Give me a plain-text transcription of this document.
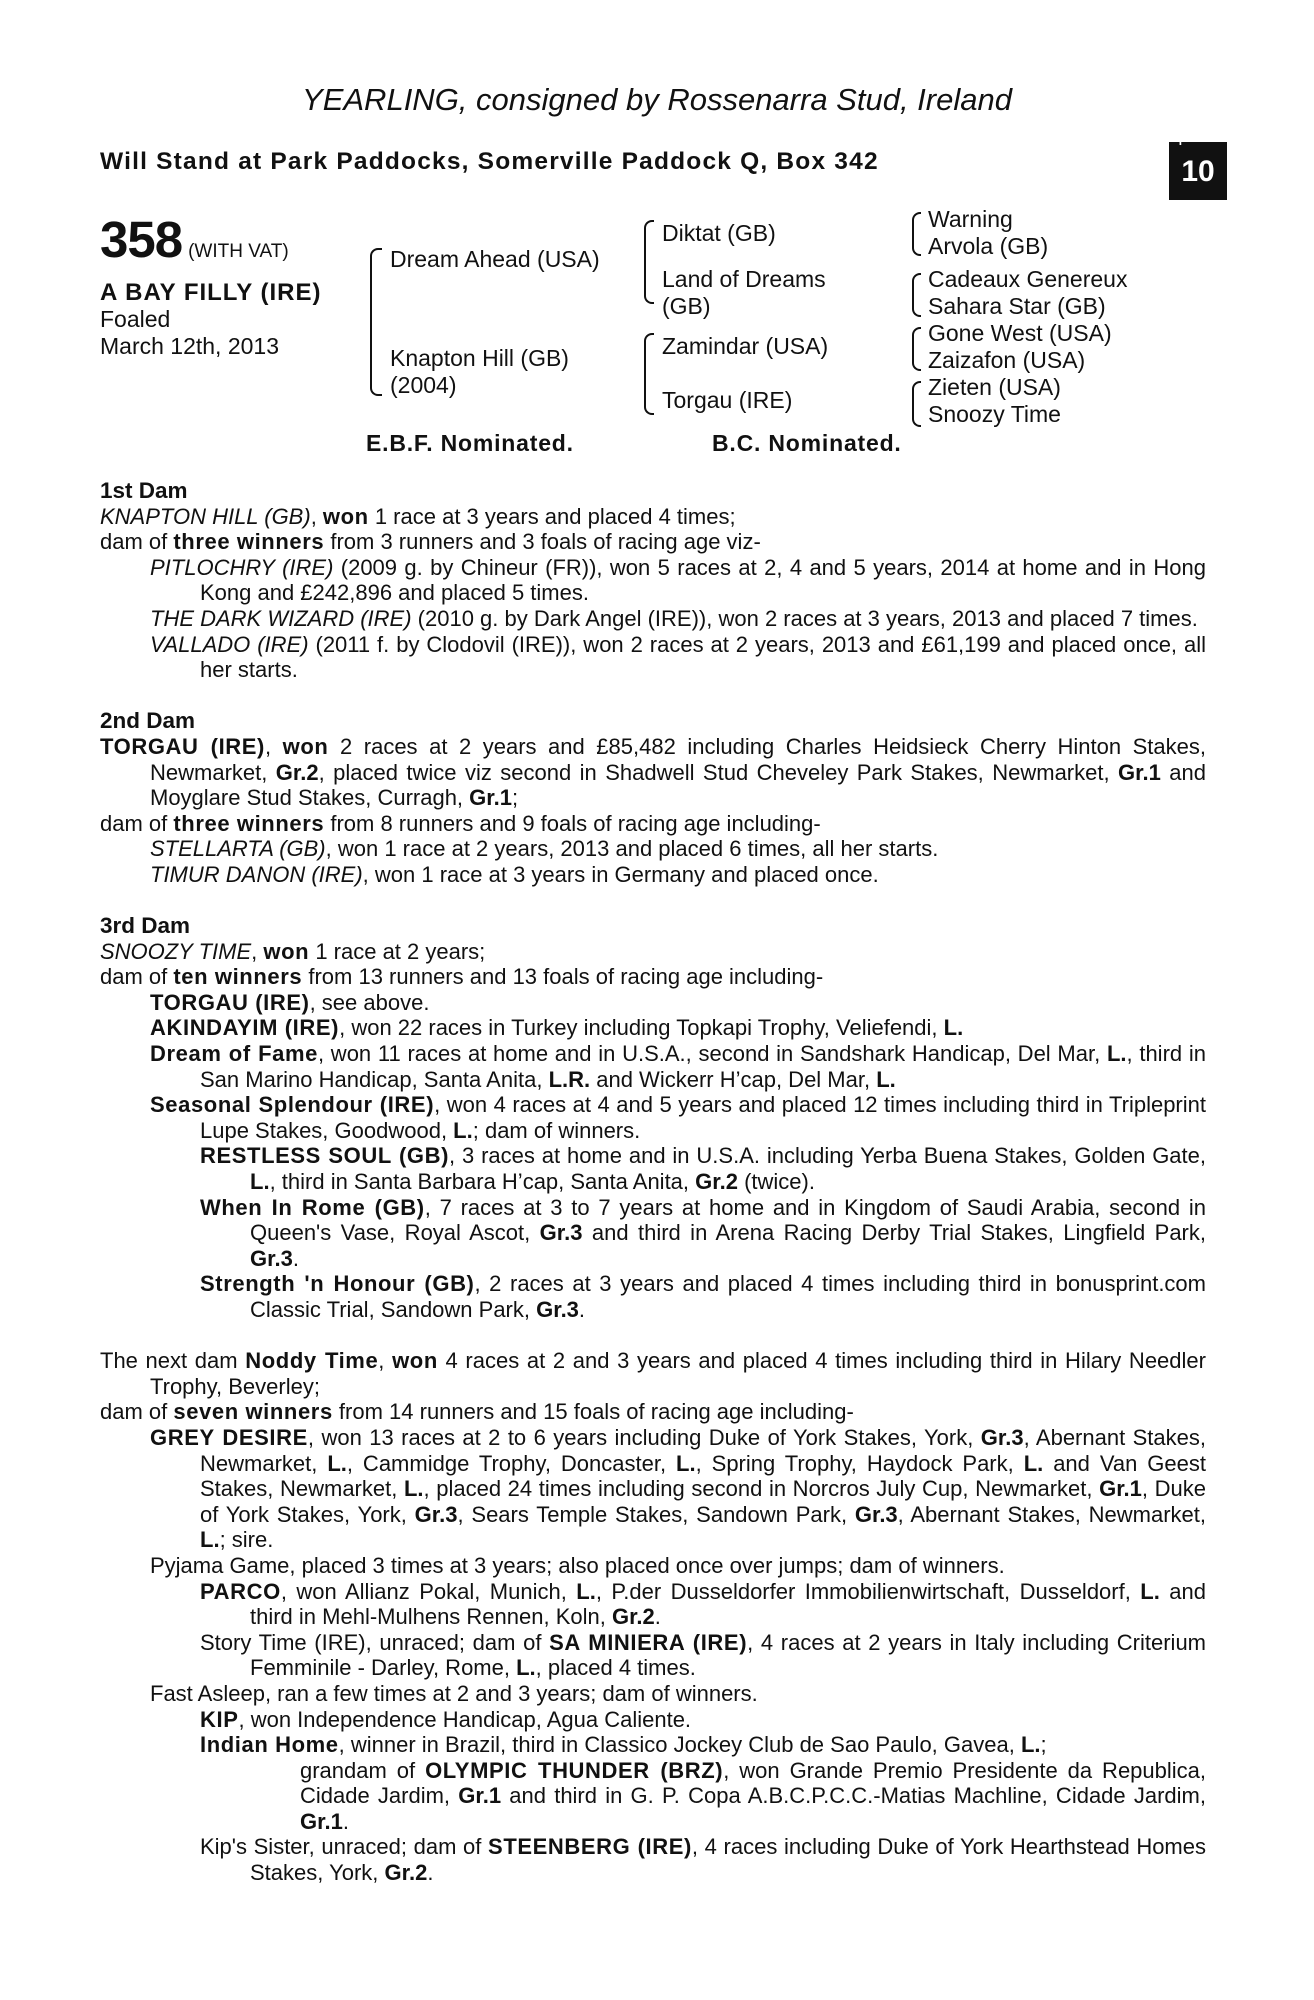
YEARLING, consigned by Rossenarra Stud, Ireland
Will Stand at Park Paddocks, Somerville Paddock Q, Box 342
+
10
358 (WITH VAT)
A BAY FILLY (IRE)
Foaled
March 12th, 2013
Dream Ahead (USA)
Knapton Hill (GB)
(2004)
Diktat (GB)
Land of Dreams
(GB)
Zamindar (USA)
Torgau (IRE)
Warning
Arvola (GB)
Cadeaux Genereux
Sahara Star (GB)
Gone West (USA)
Zaizafon (USA)
Zieten (USA)
Snoozy Time
E.B.F. Nominated.	B.C. Nominated.

1st Dam

KNAPTON HILL (GB), won 1 race at 3 years and placed 4 times;

dam of three winners from 3 runners and 3 foals of racing age viz-

PITLOCHRY (IRE) (2009 g. by Chineur (FR)), won 5 races at 2, 4 and 5 years, 2014 at home and in Hong Kong and £242,896 and placed 5 times.

THE DARK WIZARD (IRE) (2010 g. by Dark Angel (IRE)), won 2 races at 3 years, 2013 and placed 7 times.

VALLADO (IRE) (2011 f. by Clodovil (IRE)), won 2 races at 2 years, 2013 and £61,199 and placed once, all her starts.

2nd Dam

TORGAU (IRE), won 2 races at 2 years and £85,482 including Charles Heidsieck Cherry Hinton Stakes, Newmarket, Gr.2, placed twice viz second in Shadwell Stud Cheveley Park Stakes, Newmarket, Gr.1 and Moyglare Stud Stakes, Curragh, Gr.1;

dam of three winners from 8 runners and 9 foals of racing age including-

STELLARTA (GB), won 1 race at 2 years, 2013 and placed 6 times, all her starts.

TIMUR DANON (IRE), won 1 race at 3 years in Germany and placed once.

3rd Dam

SNOOZY TIME, won 1 race at 2 years;

dam of ten winners from 13 runners and 13 foals of racing age including-

TORGAU (IRE), see above.

AKINDAYIM (IRE), won 22 races in Turkey including Topkapi Trophy, Veliefendi, L.

Dream of Fame, won 11 races at home and in U.S.A., second in Sandshark Handicap, Del Mar, L., third in San Marino Handicap, Santa Anita, L.R. and Wickerr H’cap, Del Mar, L.

Seasonal Splendour (IRE), won 4 races at 4 and 5 years and placed 12 times including third in Tripleprint Lupe Stakes, Goodwood, L.; dam of winners.

RESTLESS SOUL (GB), 3 races at home and in U.S.A. including Yerba Buena Stakes, Golden Gate, L., third in Santa Barbara H’cap, Santa Anita, Gr.2 (twice).

When In Rome (GB), 7 races at 3 to 7 years at home and in Kingdom of Saudi Arabia, second in Queen's Vase, Royal Ascot, Gr.3 and third in Arena Racing Derby Trial Stakes, Lingfield Park, Gr.3.

Strength 'n Honour (GB), 2 races at 3 years and placed 4 times including third in bonusprint.com Classic Trial, Sandown Park, Gr.3.

The next dam Noddy Time, won 4 races at 2 and 3 years and placed 4 times including third in Hilary Needler Trophy, Beverley;

dam of seven winners from 14 runners and 15 foals of racing age including-

GREY DESIRE, won 13 races at 2 to 6 years including Duke of York Stakes, York, Gr.3, Abernant Stakes, Newmarket, L., Cammidge Trophy, Doncaster, L., Spring Trophy, Haydock Park, L. and Van Geest Stakes, Newmarket, L., placed 24 times including second in Norcros July Cup, Newmarket, Gr.1, Duke of York Stakes, York, Gr.3, Sears Temple Stakes, Sandown Park, Gr.3, Abernant Stakes, Newmarket, L.; sire.

Pyjama Game, placed 3 times at 3 years; also placed once over jumps; dam of winners.

PARCO, won Allianz Pokal, Munich, L., P.der Dusseldorfer Immobilienwirtschaft, Dusseldorf, L. and third in Mehl-Mulhens Rennen, Koln, Gr.2.

Story Time (IRE), unraced; dam of SA MINIERA (IRE), 4 races at 2 years in Italy including Criterium Femminile - Darley, Rome, L., placed 4 times.

Fast Asleep, ran a few times at 2 and 3 years; dam of winners.

KIP, won Independence Handicap, Agua Caliente.

Indian Home, winner in Brazil, third in Classico Jockey Club de Sao Paulo, Gavea, L.;

grandam of OLYMPIC THUNDER (BRZ), won Grande Premio Presidente da Republica, Cidade Jardim, Gr.1 and third in G. P. Copa A.B.C.P.C.C.-Matias Machline, Cidade Jardim, Gr.1.

Kip's Sister, unraced; dam of STEENBERG (IRE), 4 races including Duke of York Hearthstead Homes Stakes, York, Gr.2.
